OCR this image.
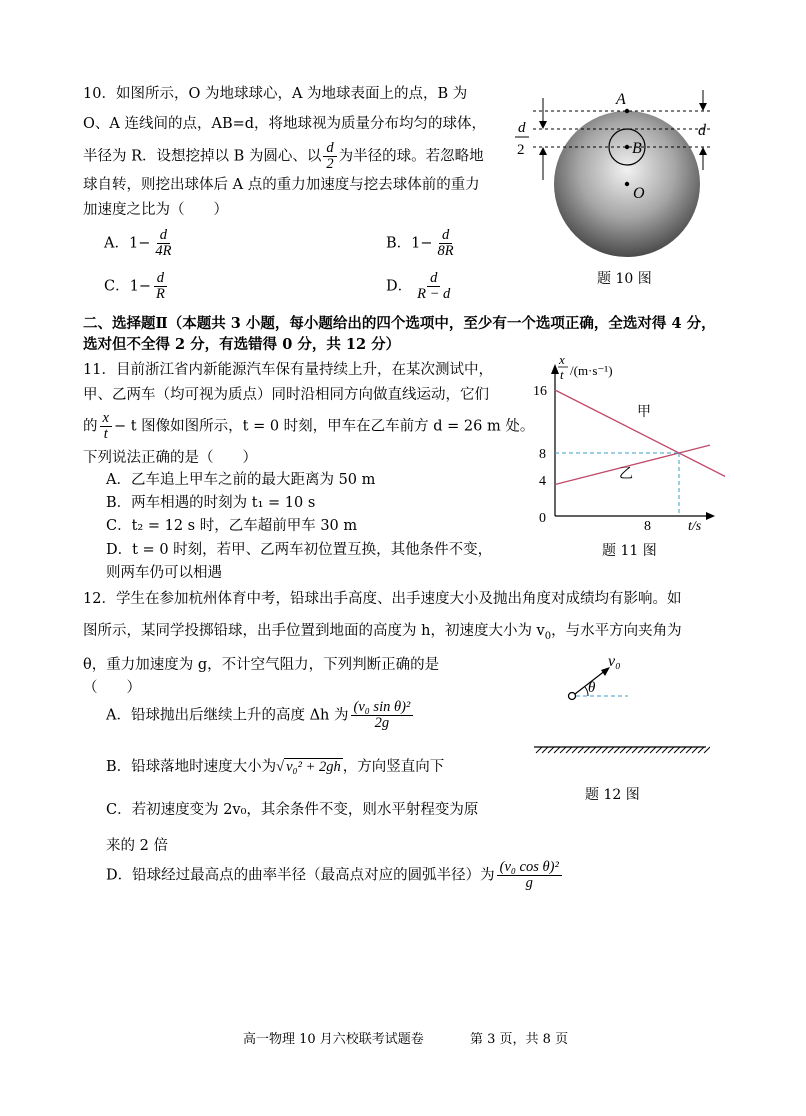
10．如图所示，O 为地球球心，A 为地球表面上的点，B 为
O、A 连线间的点，AB=d，将地球视为质量分布均匀的球体，
半径为 R．设想挖掉以 B 为圆心、以 $\frac{d}{2}$ 为半径的球。若忽略地
球自转，则挖出球体后 A 点的重力加速度与挖去球体前的重力
加速度之比为（　　）
A．$1- \frac{d}{4R}$	B．$1- \frac{d}{8R}$
C．$1- \frac{d}{R}$	D． $\frac{d}{R - d}$
A
B
O
d
2
d
题 10 图
二、选择题Ⅱ（本题共 3 小题，每小题给出的四个选项中，至少有一个选项正确，全选对得 4 分，
选对但不全得 2 分，有选错得 0 分，共 12 分）
11．目前浙江省内新能源汽车保有量持续上升，在某次测试中，
甲、乙两车（均可视为质点）同时沿相同方向做直线运动，它们
的 $\frac{x}{t} - t$ 图像如图所示，t = 0 时刻，甲车在乙车前方 d = 26 m 处。
下列说法正确的是（　　）
A．乙车追上甲车之前的最大距离为 50 m
B．两车相遇的时刻为 t₁ = 10 s
C．t₂ = 12 s 时，乙车超前甲车 30 m
D．t = 0 时刻，若甲、乙两车初位置互换，其他条件不变，
则两车仍可以相遇
16
8
4
0
8	t/s
x
t /(m·s⁻¹)
甲
乙
题 11 图
12．学生在参加杭州体育中考，铅球出手高度、出手速度大小及抛出角度对成绩均有影响。如
图所示，某同学投掷铅球，出手位置到地面的高度为 h，初速度大小为 $v_0$，与水平方向夹角为
θ，重力加速度为 g，不计空气阻力，下列判断正确的是
（　　）
A．铅球抛出后继续上升的高度 Δh 为 $\frac{\text{(v₀ sin θ)²}}{2g}$
B．铅球落地时速度大小为√ v₀² + 2gh ，方向竖直向下
C．若初速度变为 2v₀，其余条件不变，则水平射程变为原
来的 2 倍
D．铅球经过最高点的曲率半径（最高点对应的圆弧半径）为 $\frac{\text{(v₀ cos θ)²}}{g}$
v₀
θ
题 12 图
高一物理 10 月六校联考试题卷	第 3 页，共 8 页
